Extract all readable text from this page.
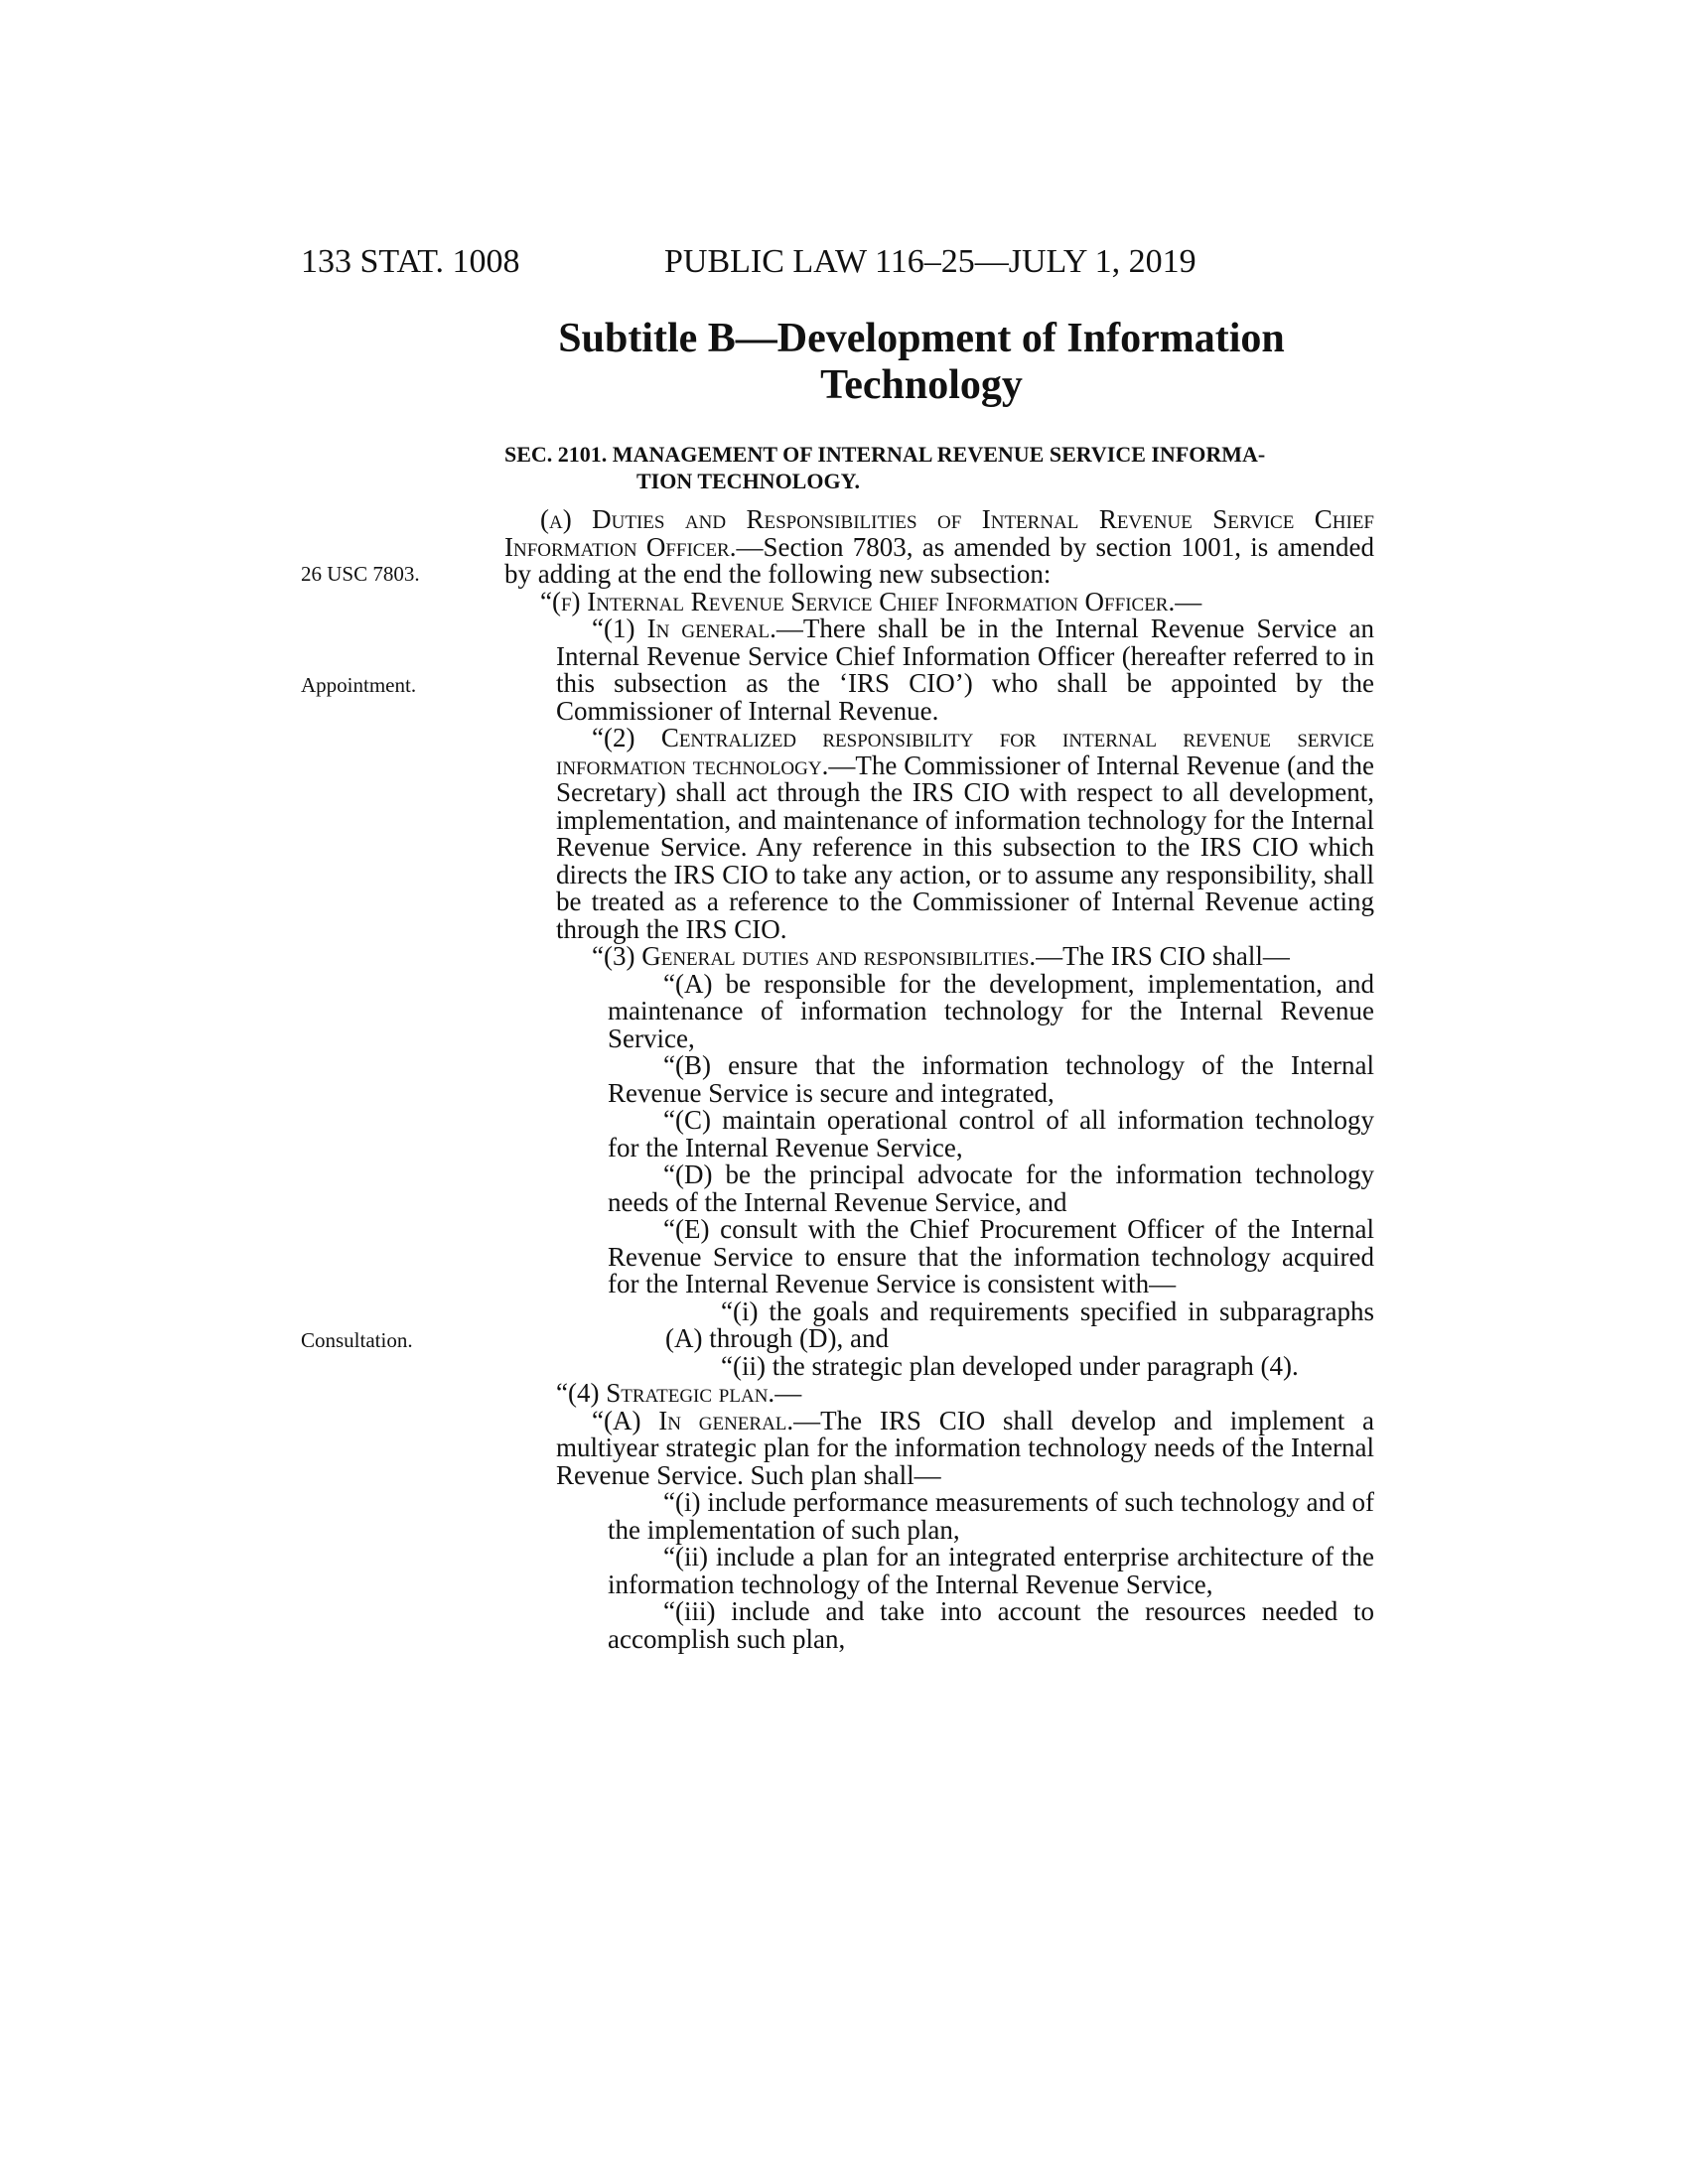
133 STAT. 1008	PUBLIC LAW 116–25—JULY 1, 2019
Subtitle B—Development of Information
Technology
SEC. 2101. MANAGEMENT OF INTERNAL REVENUE SERVICE INFORMA-
TION TECHNOLOGY.
26 USC 7803.
Appointment.
Consultation.

(a) Duties and Responsibilities of Internal Revenue Service Chief Information Officer.—Section 7803, as amended by section 1001, is amended by adding at the end the following new subsection:

“(f) Internal Revenue Service Chief Information Officer.—

“(1) In general.—There shall be in the Internal Revenue Service an Internal Revenue Service Chief Information Officer (hereafter referred to in this subsection as the ‘IRS CIO’) who shall be appointed by the Commissioner of Internal Revenue.

“(2) Centralized responsibility for internal revenue service information technology.—The Commissioner of Internal Revenue (and the Secretary) shall act through the IRS CIO with respect to all development, implementation, and maintenance of information technology for the Internal Revenue Service. Any reference in this subsection to the IRS CIO which directs the IRS CIO to take any action, or to assume any responsibility, shall be treated as a reference to the Commissioner of Internal Revenue acting through the IRS CIO.

“(3) General duties and responsibilities.—The IRS CIO shall—

“(A) be responsible for the development, implementation, and maintenance of information technology for the Internal Revenue Service,

“(B) ensure that the information technology of the Internal Revenue Service is secure and integrated,

“(C) maintain operational control of all information technology for the Internal Revenue Service,

“(D) be the principal advocate for the information technology needs of the Internal Revenue Service, and

“(E) consult with the Chief Procurement Officer of the Internal Revenue Service to ensure that the information technology acquired for the Internal Revenue Service is consistent with—

“(i) the goals and requirements specified in subparagraphs (A) through (D), and

“(ii) the strategic plan developed under paragraph (4).

“(4) Strategic plan.—

“(A) In general.—The IRS CIO shall develop and implement a multiyear strategic plan for the information technology needs of the Internal Revenue Service. Such plan shall—

“(i) include performance measurements of such technology and of the implementation of such plan,

“(ii) include a plan for an integrated enterprise architecture of the information technology of the Internal Revenue Service,

“(iii) include and take into account the resources needed to accomplish such plan,
